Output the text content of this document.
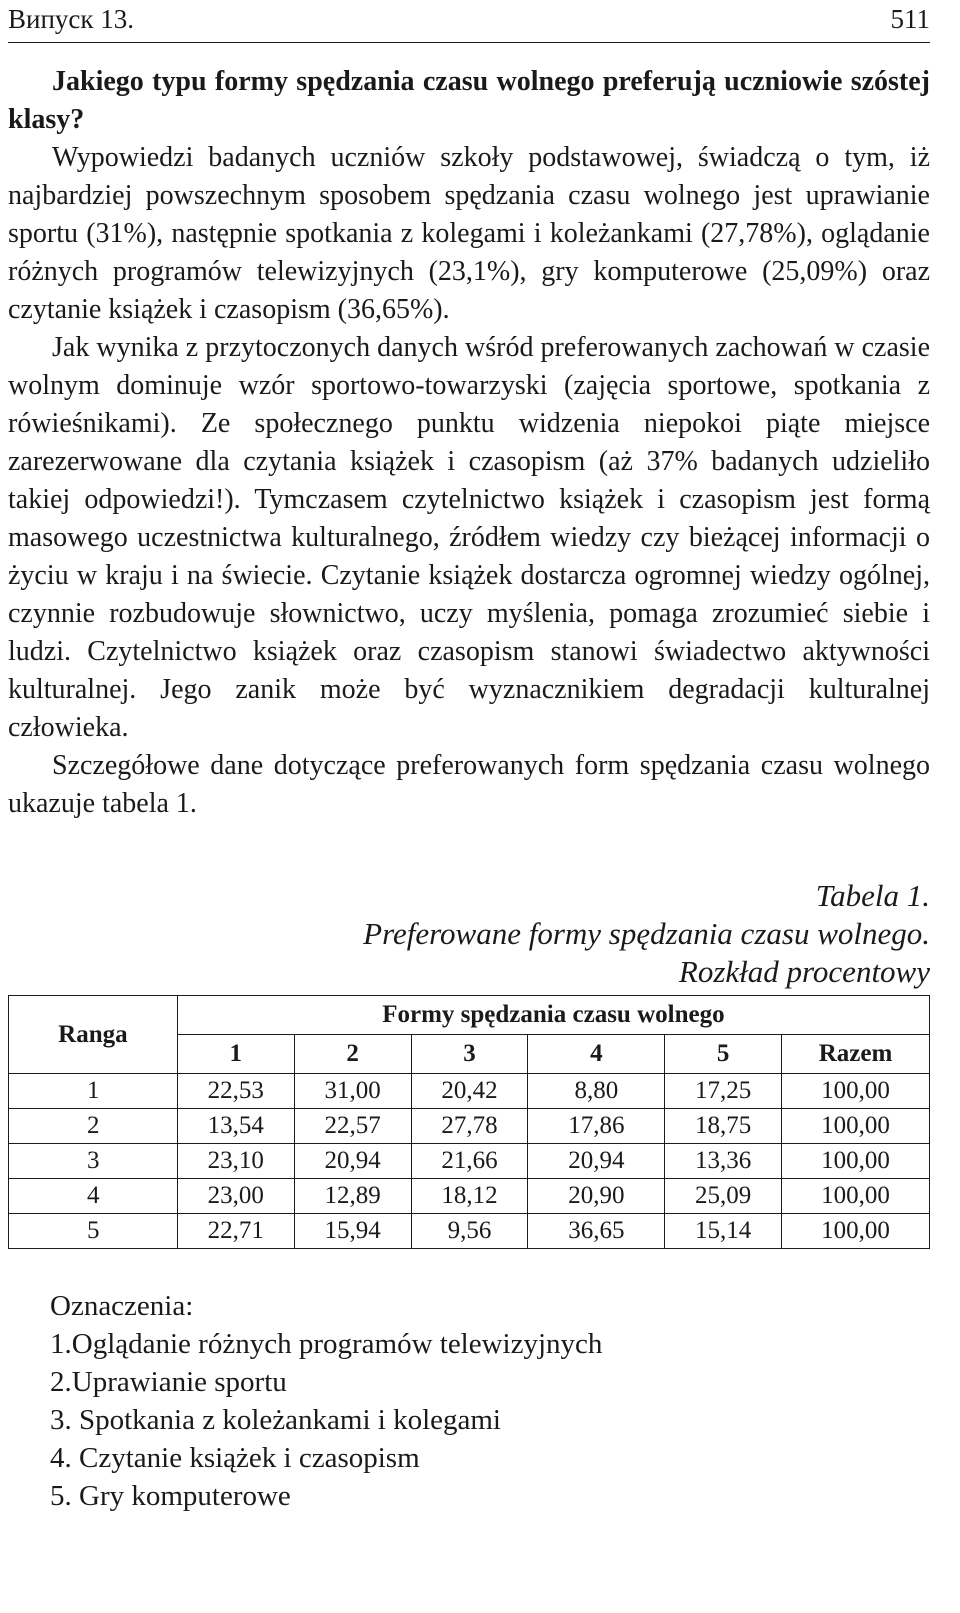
Випуск 13.	511

Jakiego typu formy spędzania czasu wolnego preferują uczniowie szóstej klasy?

Wypowiedzi badanych uczniów szkoły podstawowej, świadczą o tym, iż najbardziej powszechnym sposobem spędzania czasu wolnego jest uprawianie sportu (31%), następnie spotkania z kolegami i koleżankami (27,78%), oglądanie różnych programów telewizyjnych (23,1%), gry komputerowe (25,09%) oraz czytanie książek i czasopism (36,65%).

Jak wynika z przytoczonych danych wśród preferowanych zachowań w czasie wolnym dominuje wzór sportowo-towarzyski (zajęcia sportowe, spotkania z rówieśnikami). Ze społecznego punktu widzenia niepokoi piąte miejsce zarezerwowane dla czytania książek i czasopism (aż 37% badanych udzieliło takiej odpowiedzi!). Tymczasem czytelnictwo książek i czasopism jest formą masowego uczestnictwa kulturalnego, źródłem wiedzy czy bieżącej informacji o życiu w kraju i na świecie. Czytanie książek dostarcza ogromnej wiedzy ogólnej, czynnie rozbudowuje słownictwo, uczy myślenia, pomaga zrozumieć siebie i ludzi. Czytelnictwo książek oraz czasopism stanowi świadectwo aktywności kulturalnej. Jego zanik może być wyznacznikiem degradacji kulturalnej człowieka.

Szczegółowe dane dotyczące preferowanych form spędzania czasu wolnego ukazuje tabela 1.

Tabela 1.
Preferowane formy spędzania czasu wolnego.
Rozkład procentowy
Ranga	Formy spędzania czasu wolnego					
	1	2	3	4	5	Razem
1	22,53	31,00	20,42	8,80	17,25	100,00
2	13,54	22,57	27,78	17,86	18,75	100,00
3	23,10	20,94	21,66	20,94	13,36	100,00
4	23,00	12,89	18,12	20,90	25,09	100,00
5	22,71	15,94	9,56	36,65	15,14	100,00
Oznaczenia:
1.Oglądanie różnych programów telewizyjnych
2.Uprawianie sportu
3. Spotkania z koleżankami i kolegami
4. Czytanie książek i czasopism
5. Gry komputerowe
